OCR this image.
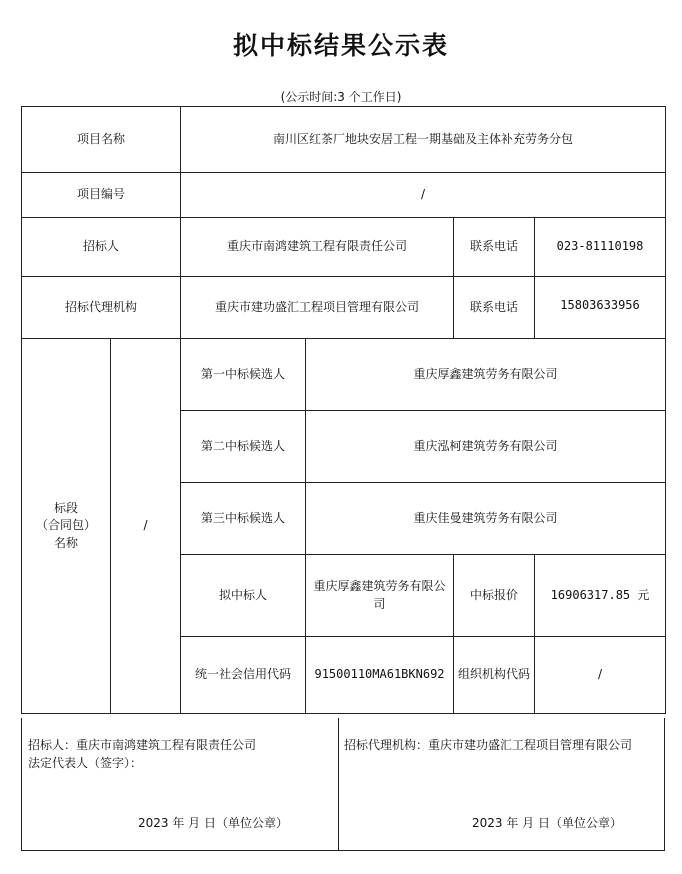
拟中标结果公示表
(公示时间:3 个工作日)
项目名称		南川区红茶厂地块安居工程一期基础及主体补充劳务分包			
项目编号		/			
招标人		重庆市南鸿建筑工程有限责任公司		联系电话	023-81110198
招标代理机构		重庆市建功盛汇工程项目管理有限公司		联系电话	15803633956

标段
（合同包）
名称	/	第一中标候选人	重庆厚鑫建筑劳务有限公司		
		第二中标候选人	重庆泓柯建筑劳务有限公司		
		第三中标候选人	重庆佳曼建筑劳务有限公司		
		拟中标人	重庆厚鑫建筑劳务有限公司	中标报价	16906317.85 元
		统一社会信用代码	91500110MA61BKN692	组织机构代码	/
招标人：重庆市南鸿建筑工程有限责任公司
法定代表人（签字）：
2023 年 月 日（单位公章）
招标代理机构：重庆市建功盛汇工程项目管理有限公司
2023 年 月 日（单位公章）
